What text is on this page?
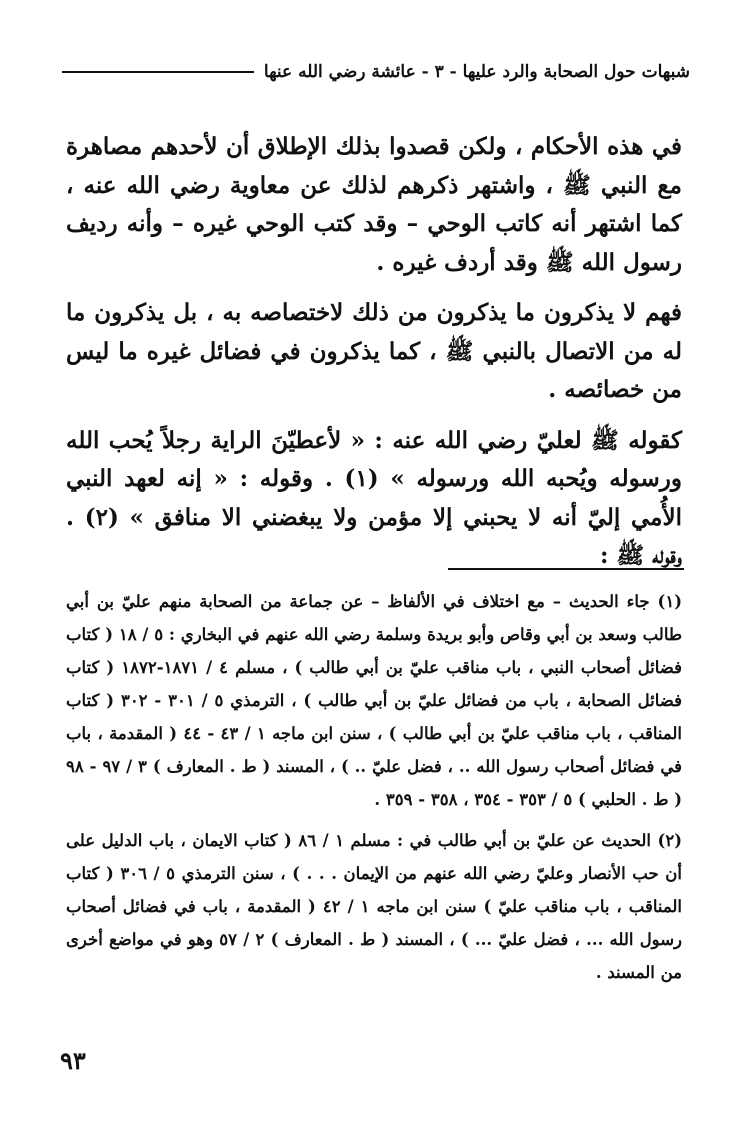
شبهات حول الصحابة والرد عليها - ٣ - عائشة رضي الله عنها

في هذه الأحكام ، ولكن قصدوا بذلك الإطلاق أن لأحدهم مصاهرة مع النبي ﷺ ، واشتهر ذكرهم لذلك عن معاوية رضي الله عنه ، كما اشتهر أنه كاتب الوحي – وقد كتب الوحي غيره – وأنه رديف رسول الله ﷺ وقد أردف غيره .

فهم لا يذكرون ما يذكرون من ذلك لاختصاصه به ، بل يذكرون ما له من الاتصال بالنبي ﷺ ، كما يذكرون في فضائل غيره ما ليس من خصائصه .

كقوله ﷺ لعليّ رضي الله عنه : « لأعطيّنَ الراية رجلاً يُحب الله ورسوله ويُحبه الله ورسوله » (١) . وقوله : « إنه لعهد النبي الأُمي إليّ أنه لا يحبني إلا مؤمن ولا يبغضني الا منافق » (٢) . وقوله ﷺ :

(١) جاء الحديث – مع اختلاف في الألفاظ – عن جماعة من الصحابة منهم عليّ بن أبي طالب وسعد بن أبي وقاص وأبو بريدة وسلمة رضي الله عنهم في البخاري : ٥ / ١٨ ( كتاب فضائل أصحاب النبي ، باب مناقب عليّ بن أبي طالب ) ، مسلم ٤ / ١٨٧١-١٨٧٢ ( كتاب فضائل الصحابة ، باب من فضائل عليّ بن أبي طالب ) ، الترمذي ٥ / ٣٠١ - ٣٠٢ ( كتاب المناقب ، باب مناقب عليّ بن أبي طالب ) ، سنن ابن ماجه ١ / ٤٣ - ٤٤ ( المقدمة ، باب في فضائل أصحاب رسول الله .. ، فضل عليّ .. ) ، المسند ( ط . المعارف ) ٣ / ٩٧ - ٩٨ ( ط . الحلبي ) ٥ / ٣٥٣ - ٣٥٤ ، ٣٥٨ - ٣٥٩ .

(٢) الحديث عن عليّ بن أبي طالب في : مسلم ١ / ٨٦ ( كتاب الايمان ، باب الدليل على أن حب الأنصار وعليّ رضي الله عنهم من الإيمان . . . ) ، سنن الترمذي ٥ / ٣٠٦ ( كتاب المناقب ، باب مناقب عليّ ) سنن ابن ماجه ١ / ٤٢ ( المقدمة ، باب في فضائل أصحاب رسول الله ... ، فضل عليّ ... ) ، المسند ( ط . المعارف ) ٢ / ٥٧ وهو في مواضع أخرى من المسند .

٩٣
